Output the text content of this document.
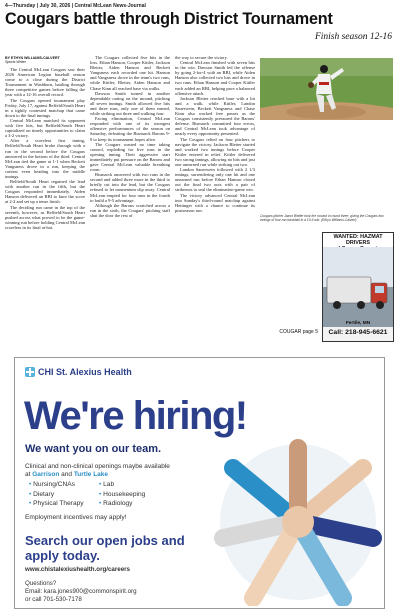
4—Thursday | July 30, 2026 | Central McLean News-Journal
Cougars battle through District Tournament
Finish season 12-16
BY ETHYN WILLIAMS-CALVERT
Sports Writer

The Central McLean Cougars saw their 2026 American Legion baseball season come to a close during the District Tournament in Washburn, battling through three competitive games before falling the year with a 12-16 overall record.

The Cougars opened tournament play Friday, July 17, against Beffeld/South Heart in a tightly contested matchup that came down to the final innings.

Central McLean matched its opponent with five hits, but Belfield/South Heart capitalized on timely opportunities to claim a 3-2 victory.

After a scoreless first inning, Belfield/South Heart broke through with a run in the second before the Cougars answered in the bottom of the third. Central McLean tied the game at 1-1 when Beckett Vangsness drove in a run, keeping the contest even heading into the middle innings.

Belfield/South Heart regained the lead with another run in the fifth, but the Cougars responded immediately. Aiden Hanson delivered an RBI to knot the score at 2-2 and set up a tense finish.

The deciding run came in the top of the seventh, however, as Belfield/South Heart pushed across what proved to be the game-winning run before holding Central McLean scoreless in its final at-bat.

The Cougars collected five hits in the loss. Ethan Hanson, Cooper Kittler, Jackson Bletter, Aiden Hanson and Beckett Vangsness each recorded one hit. Hanson and Vangsness drove in the team's two runs, while Kittler, Bletter, Aiden Hanson and Chase Kinn all reached base via walks.

Dawson Smith turned in another dependable outing on the mound, pitching all seven innings. Smith allowed five hits and three runs, only one of them earned, while striking out three and walking four.

Facing elimination, Central McLean responded with one of its strongest offensive performances of the season on Saturday, defeating the Bismarck Barons 9-0 to keep its tournament hopes alive.

The Cougars wasted no time taking control, exploding for five runs in the opening inning. Their aggressive start immediately put pressure on the Barons and gave Central McLean valuable breathing room.

Bismarck answered with two runs in the second and added three more in the third to briefly cut into the lead, but the Cougars refused to let momentum slip away. Central McLean erupted for four runs in the fourth to build a 9-5 advantage.

Although the Barons scratched across a run in the sixth, the Cougars' pitching staff shut the door the rest of

the way to secure the victory.

Central McLean finished with seven hits in the win. Dawson Smith led the offense by going 2-for-4 with an RBI, while Aiden Hanson also collected two hits and drove in two runs. Ethan Hanson and Cooper Kittler each added an RBI, helping pace a balanced offensive attack.

Jackson Bletter reached base with a hit and a walk, while Kittler, Landon Sauerwein, Beckett Vangsness and Chase Kinn also worked free passes as the Cougars consistently pressured the Barons' defense. Bismarck committed four errors, and Central McLean took advantage of nearly every opportunity presented.

The Cougars relied on four pitchers to navigate the victory. Jackson Bletter started and worked two innings before Cooper Kittler entered in relief. Kittler delivered two strong innings, allowing no hits and just one unearned run while striking out two.

Landon Sauerwein followed with 2 1/3 innings, surrendering only one hit and one unearned run before Ethan Hanson closed out the final two outs with a pair of strikeouts to seal the elimination-game win.

The victory advanced Central McLean into Sunday's third-round matchup against Hettinger with a chance to continue its postseason run.

Cougars pitcher Jaxon Bletter took the mound in round three, giving the Cougars two innings of four-run baseball in a 10-6 win. (Ethyn Williams-Calvert)
COUGAR page 5
WANTED: HAZMAT DRIVERS
Fertile, MN
Call: 218-945-6621
CHI St. Alexius Health
We're hiring!
We want you on our team.
Clinical and non-clinical openings maybe available
at Garrison and Turtle Lake
• Nursing/CNAs	• Lab
• Dietary	• Housekeeping
• Physical Therapy	• Radiology
Employment incentives may apply!
Search our open jobs and apply today.
www.chistalexiushealth.org/careers
Questions?
Email: kara.jones900@commonspirit.org
or call 701-530-7178
